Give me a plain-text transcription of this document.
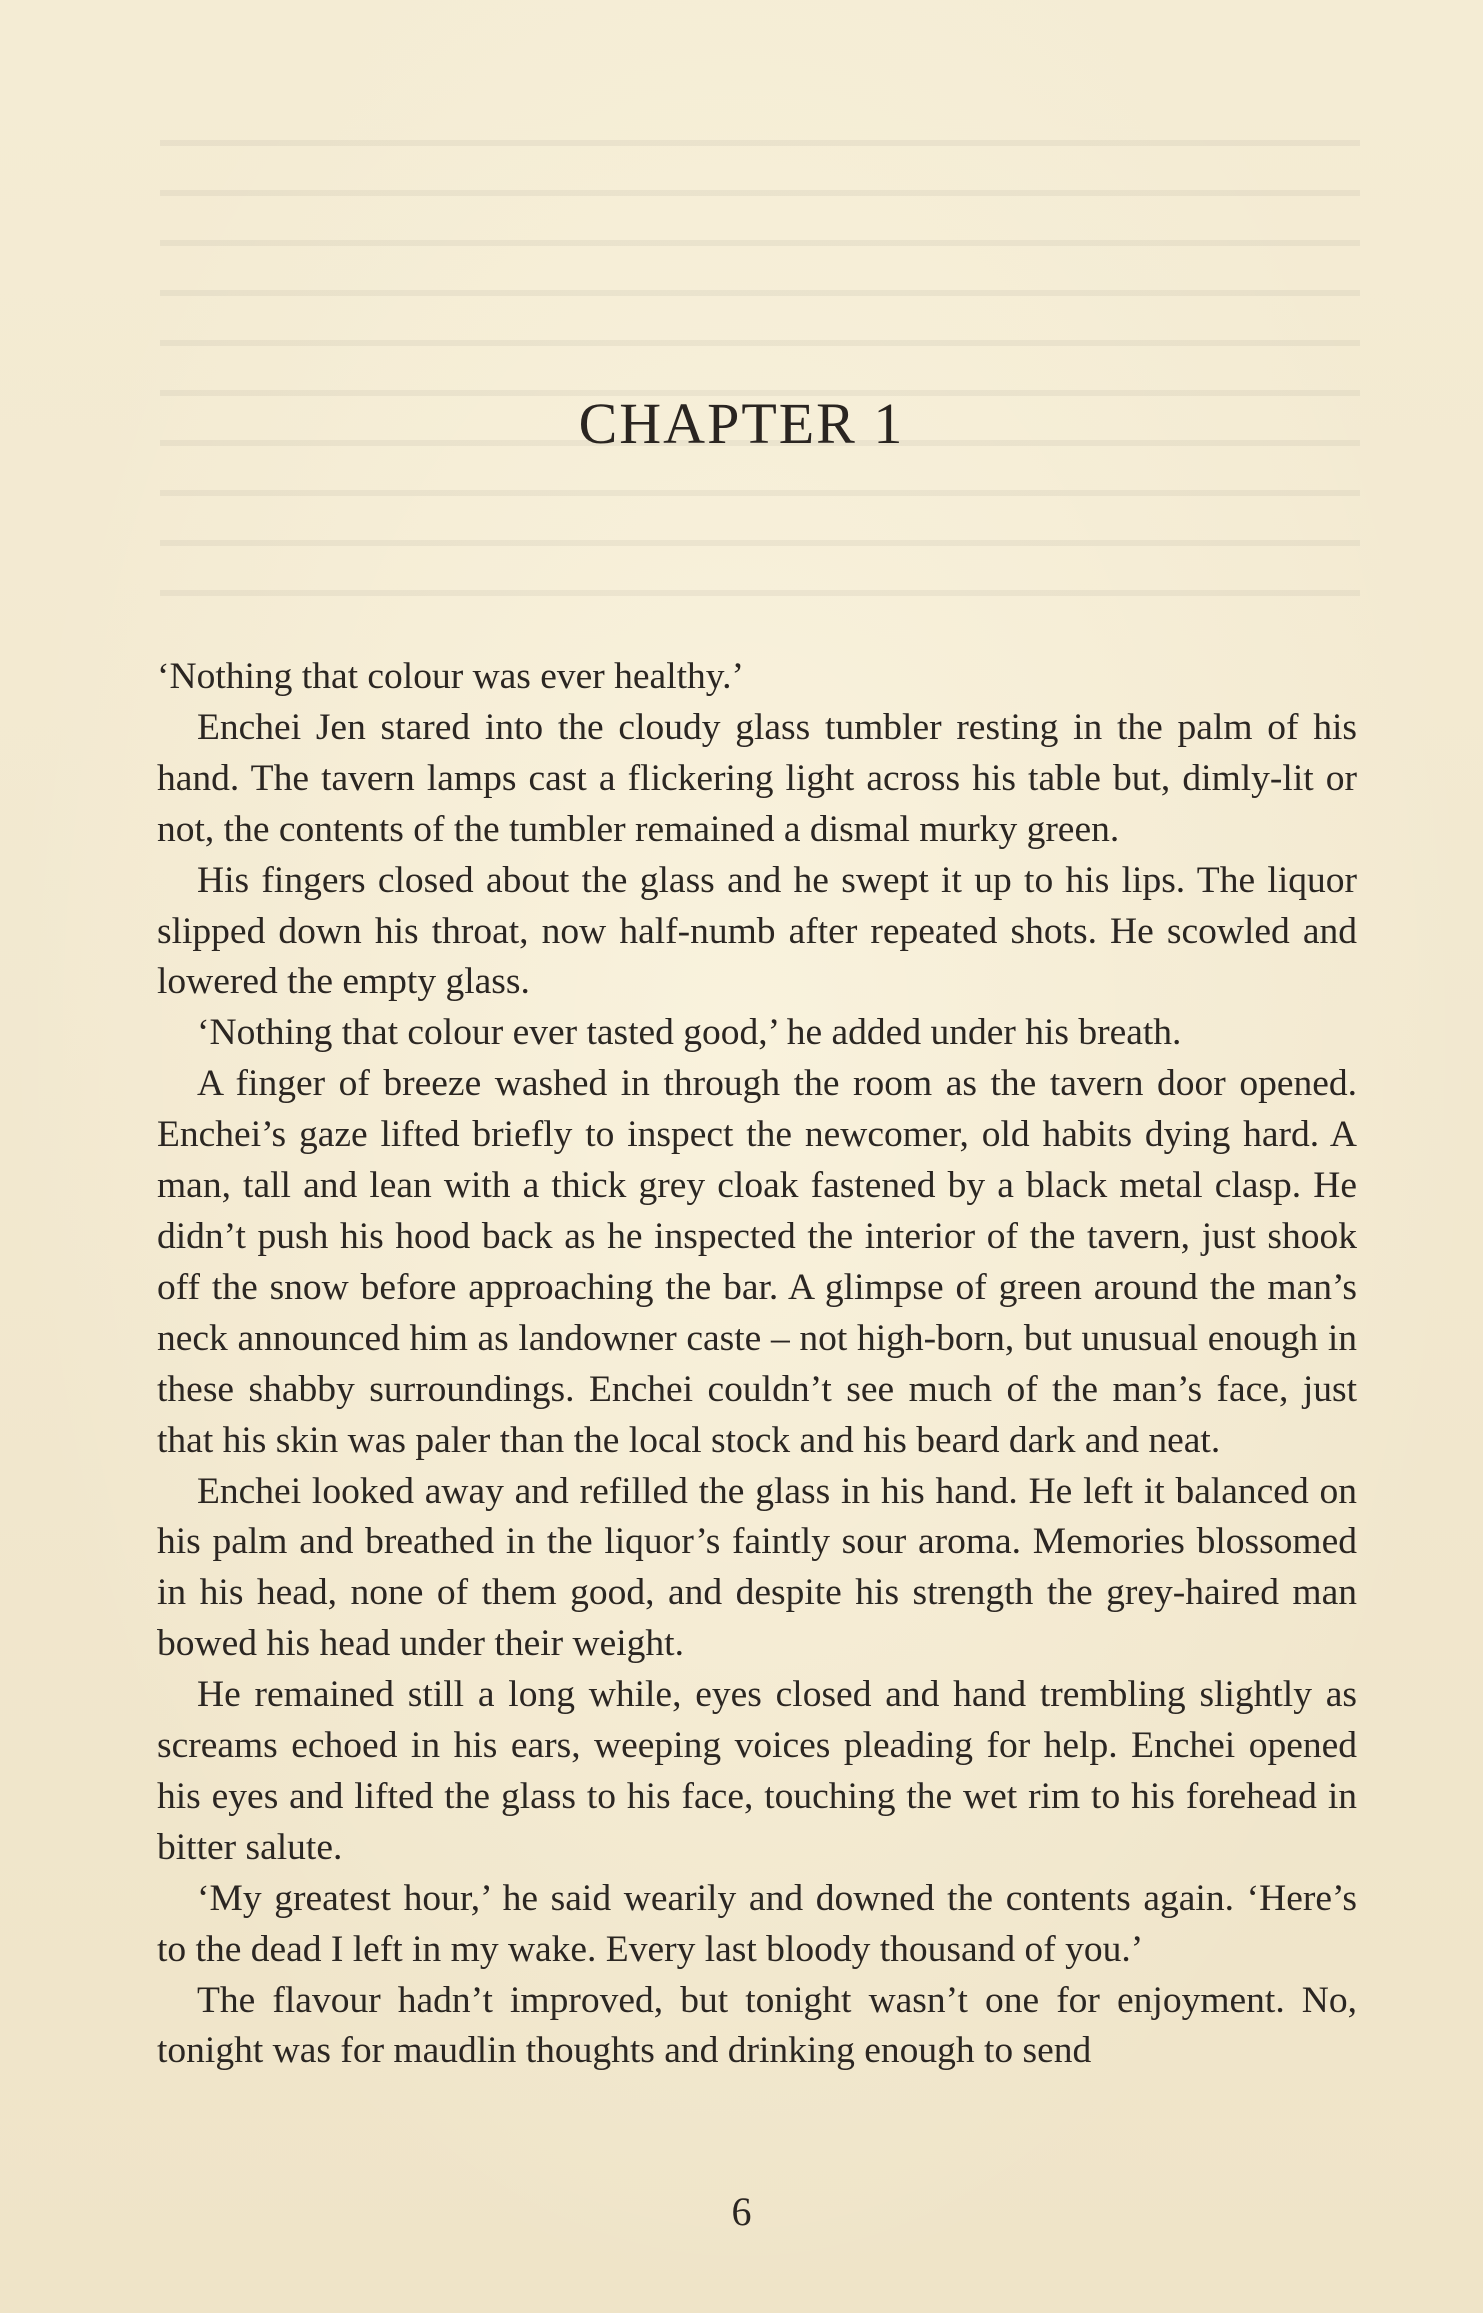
CHAPTER 1

‘Nothing that colour was ever healthy.’

Enchei Jen stared into the cloudy glass tumbler resting in the palm of his hand. The tavern lamps cast a flickering light across his table but, dimly-lit or not, the contents of the tumbler remained a dismal murky green.

His fingers closed about the glass and he swept it up to his lips. The liquor slipped down his throat, now half-numb after repeated shots. He scowled and lowered the empty glass.

‘Nothing that colour ever tasted good,’ he added under his breath.

A finger of breeze washed in through the room as the tavern door opened. Enchei’s gaze lifted briefly to inspect the newcomer, old habits dying hard. A man, tall and lean with a thick grey cloak fastened by a black metal clasp. He didn’t push his hood back as he inspected the interior of the tavern, just shook off the snow before approaching the bar. A glimpse of green around the man’s neck announced him as landowner caste – not high-born, but unusual enough in these shabby surroundings. Enchei couldn’t see much of the man’s face, just that his skin was paler than the local stock and his beard dark and neat.

Enchei looked away and refilled the glass in his hand. He left it balanced on his palm and breathed in the liquor’s faintly sour aroma. Memories blossomed in his head, none of them good, and despite his strength the grey-haired man bowed his head under their weight.

He remained still a long while, eyes closed and hand trembling slightly as screams echoed in his ears, weeping voices pleading for help. Enchei opened his eyes and lifted the glass to his face, touching the wet rim to his forehead in bitter salute.

‘My greatest hour,’ he said wearily and downed the contents again. ‘Here’s to the dead I left in my wake. Every last bloody thousand of you.’

The flavour hadn’t improved, but tonight wasn’t one for enjoyment. No, tonight was for maudlin thoughts and drinking enough to send

6
